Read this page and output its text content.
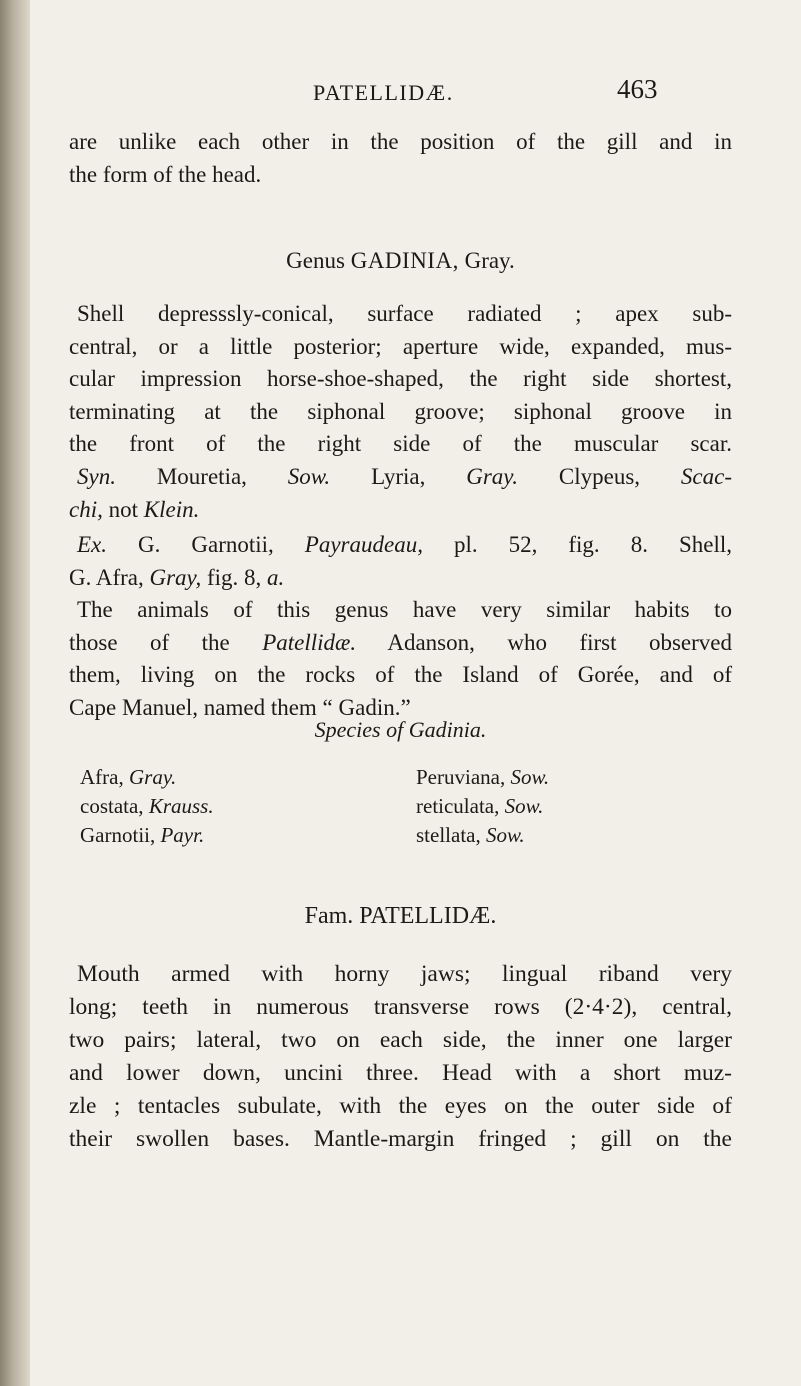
PATELLIDÆ.	463

are unlike each other in the position of the gill and in

the form of the head.

Genus GADINIA, Gray.

Shell depresssly-conical, surface radiated ; apex sub-

central, or a little posterior; aperture wide, expanded, mus-

cular impression horse-shoe-shaped, the right side shortest,

terminating at the siphonal groove; siphonal groove in

the front of the right side of the muscular scar.

Syn. Mouretia, Sow. Lyria, Gray. Clypeus, Scac-

chi, not Klein.

Ex. G. Garnotii, Payraudeau, pl. 52, fig. 8. Shell,

G. Afra, Gray, fig. 8, a.

The animals of this genus have very similar habits to

those of the Patellidæ. Adanson, who first observed

them, living on the rocks of the Island of Gorée, and of

Cape Manuel, named them “ Gadin.”

Species of Gadinia.
Afra, Gray.
costata, Krauss.
Garnotii, Payr.
Peruviana, Sow.
reticulata, Sow.
stellata, Sow.
Fam. PATELLIDÆ.

Mouth armed with horny jaws; lingual riband very

long; teeth in numerous transverse rows (2·4·2), central,

two pairs; lateral, two on each side, the inner one larger

and lower down, uncini three. Head with a short muz-

zle ; tentacles subulate, with the eyes on the outer side of

their swollen bases. Mantle-margin fringed ; gill on the
